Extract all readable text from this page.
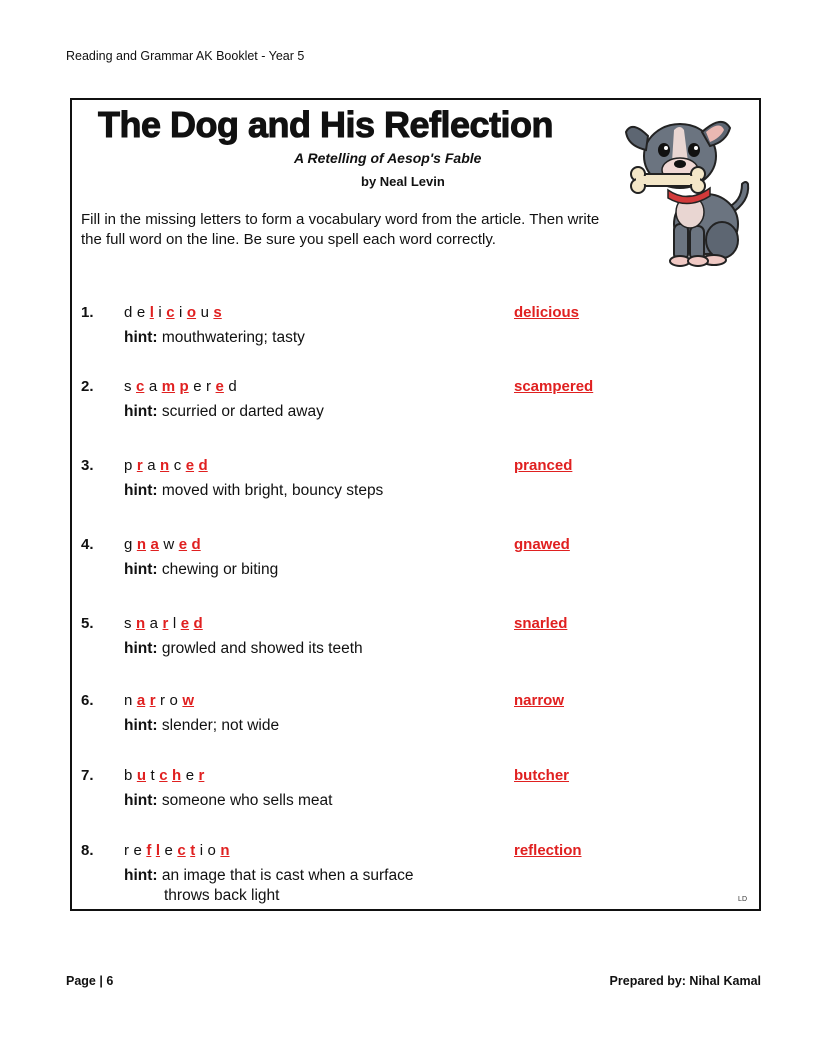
Reading and Grammar AK Booklet - Year 5
The Dog and His Reflection
A Retelling of Aesop's Fable
by Neal Levin
Fill in the missing letters to form a vocabulary word from the article. Then write the full word on the line. Be sure you spell each word correctly.
1. d e l i c i o u s	delicious
hint: mouthwatering; tasty
2. s c a m p e r e d	scampered
hint: scurried or darted away
3. p r a n c e d	pranced
hint: moved with bright, bouncy steps
4. g n a w e d	gnawed
hint: chewing or biting
5. s n a r l e d	snarled
hint: growled and showed its teeth
6. n a r r o w	narrow
hint: slender; not wide
7. b u t c h e r	butcher
hint: someone who sells meat
8. r e f l e c t i o n	reflection
hint: an image that is cast when a surface
throws back light	LD
Page | 6	Prepared by: Nihal Kamal
